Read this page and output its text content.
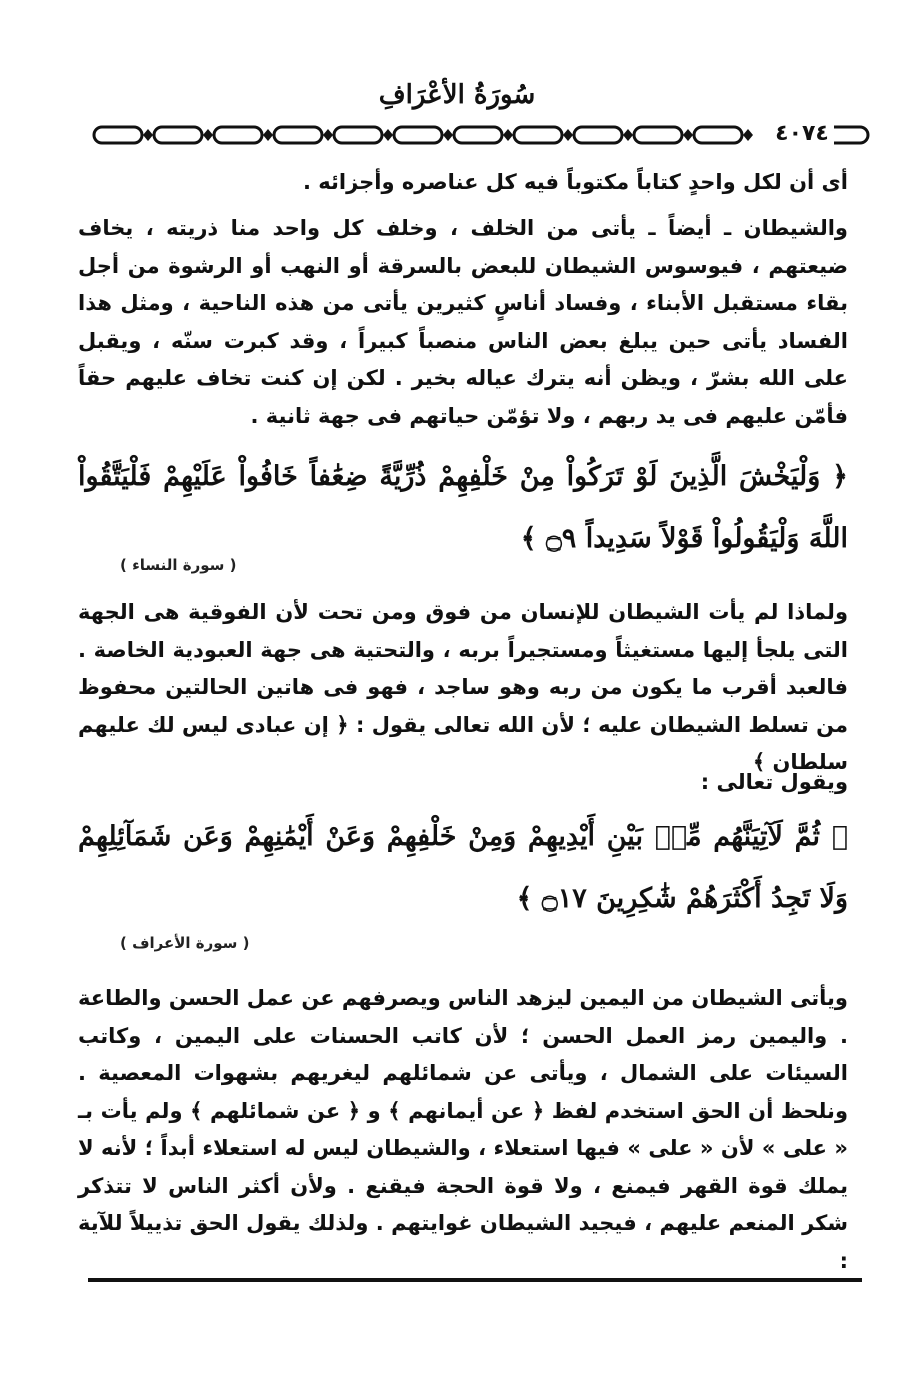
سُورَةُ الأعْرَافِ
٤٠٧٤

أى أن لكل واحدٍ كتاباً مكتوباً فيه كل عناصره وأجزائه .

والشيطان ـ أيضاً ـ يأتى من الخلف ، وخلف كل واحد منا ذريته ، يخاف ضيعتهم ، فيوسوس الشيطان للبعض بالسرقة أو النهب أو الرشوة من أجل بقاء مستقبل الأبناء ، وفساد أناسٍ كثيرين يأتى من هذه الناحية ، ومثل هذا الفساد يأتى حين يبلغ بعض الناس منصباً كبيراً ، وقد كبرت سنّه ، ويقبل على الله بشرّ ، ويظن أنه يترك عياله بخير . لكن إن كنت تخاف عليهم حقاً فأمّن عليهم فى يد ربهم ، ولا تؤمّن حياتهم فى جهة ثانية .

﴿ وَلْيَخْشَ الَّذِينَ لَوْ تَرَكُواْ مِنْ خَلْفِهِمْ ذُرِّيَّةً ضِعَٰفاً خَافُواْ عَلَيْهِمْ فَلْيَتَّقُواْ اللَّهَ وَلْيَقُولُواْ قَوْلاً سَدِيداً ۝٩ ﴾

( سورة النساء )

ولماذا لم يأت الشيطان للإنسان من فوق ومن تحت لأن الفوقية هى الجهة التى يلجأ إليها مستغيثاً ومستجيراً بربه ، والتحتية هى جهة العبودية الخاصة . فالعبد أقرب ما يكون من ربه وهو ساجد ، فهو فى هاتين الحالتين محفوظ من تسلط الشيطان عليه ؛ لأن الله تعالى يقول : ﴿ إن عبادى ليس لك عليهم سلطان ﴾

ويقول تعالى :

﴿ ثُمَّ لَآتِيَنَّهُم مِّنۢ بَيْنِ أَيْدِيهِمْ وَمِنْ خَلْفِهِمْ وَعَنْ أَيْمَٰنِهِمْ وَعَن شَمَآئِلِهِمْ وَلَا تَجِدُ أَكْثَرَهُمْ شَٰكِرِينَ ۝١٧ ﴾

( سورة الأعراف )

ويأتى الشيطان من اليمين ليزهد الناس ويصرفهم عن عمل الحسن والطاعة . واليمين رمز العمل الحسن ؛ لأن كاتب الحسنات على اليمين ، وكاتب السيئات على الشمال ، ويأتى عن شمائلهم ليغريهم بشهوات المعصية . ونلحظ أن الحق استخدم لفظ ﴿ عن أيمانهم ﴾ و ﴿ عن شمائلهم ﴾ ولم يأت بـ « على » لأن « على » فيها استعلاء ، والشيطان ليس له استعلاء أبداً ؛ لأنه لا يملك قوة القهر فيمنع ، ولا قوة الحجة فيقنع . ولأن أكثر الناس لا تتذكر شكر المنعم عليهم ، فيجيد الشيطان غوايتهم . ولذلك يقول الحق تذييلاً للآية :
